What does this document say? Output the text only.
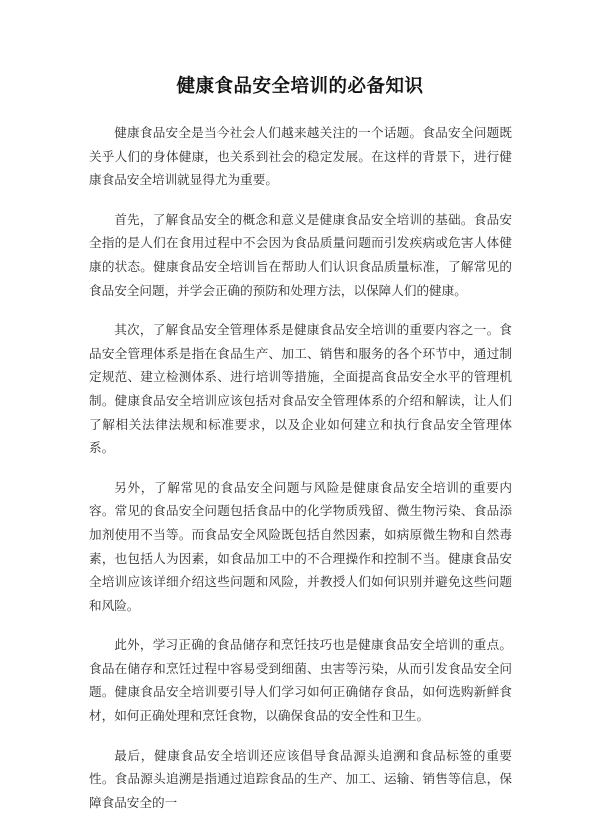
健康食品安全培训的必备知识

健康食品安全是当今社会人们越来越关注的一个话题。食品安全问题既关乎人们的身体健康，也关系到社会的稳定发展。在这样的背景下，进行健康食品安全培训就显得尤为重要。

首先，了解食品安全的概念和意义是健康食品安全培训的基础。食品安全指的是人们在食用过程中不会因为食品质量问题而引发疾病或危害人体健康的状态。健康食品安全培训旨在帮助人们认识食品质量标准，了解常见的食品安全问题，并学会正确的预防和处理方法，以保障人们的健康。

其次，了解食品安全管理体系是健康食品安全培训的重要内容之一。食品安全管理体系是指在食品生产、加工、销售和服务的各个环节中，通过制定规范、建立检测体系、进行培训等措施，全面提高食品安全水平的管理机制。健康食品安全培训应该包括对食品安全管理体系的介绍和解读，让人们了解相关法律法规和标准要求，以及企业如何建立和执行食品安全管理体系。

另外，了解常见的食品安全问题与风险是健康食品安全培训的重要内容。常见的食品安全问题包括食品中的化学物质残留、微生物污染、食品添加剂使用不当等。而食品安全风险既包括自然因素，如病原微生物和自然毒素，也包括人为因素，如食品加工中的不合理操作和控制不当。健康食品安全培训应该详细介绍这些问题和风险，并教授人们如何识别并避免这些问题和风险。

此外，学习正确的食品储存和烹饪技巧也是健康食品安全培训的重点。食品在储存和烹饪过程中容易受到细菌、虫害等污染，从而引发食品安全问题。健康食品安全培训要引导人们学习如何正确储存食品，如何选购新鲜食材，如何正确处理和烹饪食物，以确保食品的安全性和卫生。

最后，健康食品安全培训还应该倡导食品源头追溯和食品标签的重要性。食品源头追溯是指通过追踪食品的生产、加工、运输、销售等信息，保障食品安全的一
